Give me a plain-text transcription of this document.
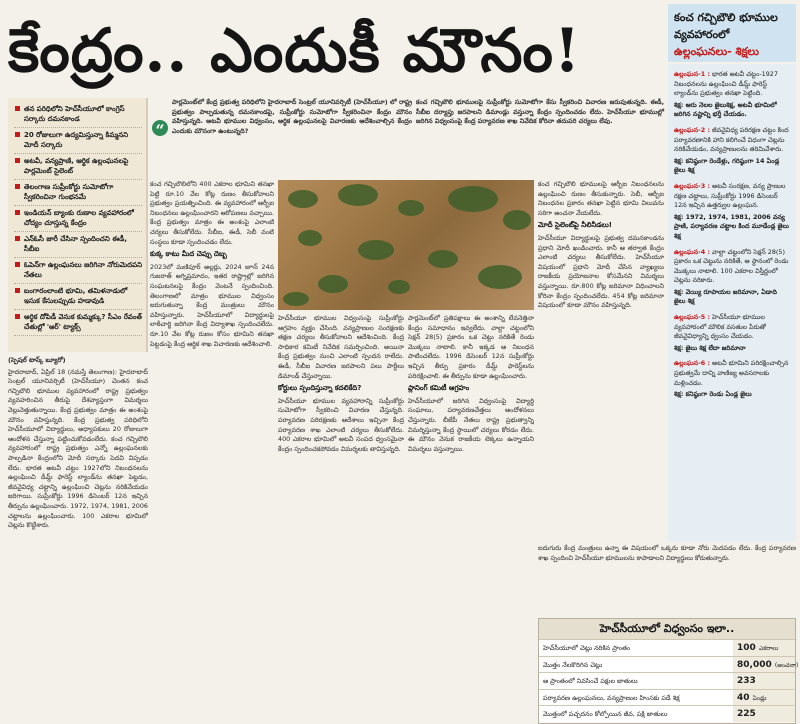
కేంద్రం.. ఎందుకీ మౌనం!	కంచ గచ్చిబౌలి భూముల
వ్యవహారంలో
ఉల్లంఘనలు- శిక్షలు
ఉల్లంఘన-1 : భారత అటవీ చట్టం-1927 నిబంధనలను ఉల్లంఘించి డీమ్డ్ ఫారెస్ట్ ల్యాండ్‌ను ప్రభుత్వం తనఖా పెట్టింది.
శిక్ష: ఆరు నెలల జైలుశిక్ష, అటవీ భూమిలో జరిగిన నష్టాన్ని భర్తీ చేయడం.
ఉల్లంఘన-2 : జీవవైవిధ్య పరిరక్షణ చట్టం కింద పర్యావరణానికి హాని కలిగించే విధంగా చెట్లను నరికివేయడం, వన్యప్రాణులను తరిమివేశారు.
శిక్ష: కనిష్ఠంగా రెండేళ్లు, గరిష్ఠంగా 14 ఏండ్ల జైలు శిక్ష
ఉల్లంఘన-3 : అటవీ సంరక్షణ, వన్య ప్రాణుల రక్షణ చట్టాలు, సుప్రీంకోర్టు 1996 డిసెంబర్ 12న ఇచ్చిన ఉత్తర్వుల ఉల్లంఘన.
శిక్ష: 1972, 1974, 1981, 2006 వన్య ప్రాణి, పర్యావరణ చట్టాల కింద మూడేండ్ల జైలు శిక్ష
ఉల్లంఘన-4 : వాల్టా చట్టంలోని సెక్షన్ 28(5) ప్రకారం ఒక చెట్టును నరికితే, ఆ స్థానంలో రెండు మొక్కలు నాటాలి. 100 ఎకరాల విస్తీర్ణంలో చెట్లను నరికారు.
శిక్ష: వెయ్యి రూపాయల జరిమానా, ఏడాది జైలు శిక్ష
ఉల్లంఘన-5 : హెచ్‌సీయూ భూముల వ్యవహారంలో మౌలిక వసతుల పేరుతో జీవవైవిధ్యాన్ని ధ్వంసం చేయడం.
శిక్ష: జైలు శిక్ష లేదా జరిమానా
ఉల్లంఘన-6 : అటవీ భూమిని పరిరక్షించాల్సిన ప్రభుత్వమే దాన్ని వాణిజ్య అవసరాలకు మళ్లించడం.
శిక్ష: కనిష్ఠంగా రెండు ఏండ్ల జైలు
తన పరిధిలోని హెచ్‌సీయూలో కాంగ్రెస్ సర్కారు దమనకాండ
20 రోజులుగా ఉద్యమిస్తున్నా కిమ్మనని మోదీ సర్కారు
అటవీ, వన్యప్రాణి, ఆర్థిక ఉల్లంఘనలపై పార్లమెంట్ సైలెంట్
తెలంగాణ సుప్రీంకోర్టు సుమోటోగా స్వీకరించినా గుంభనమే
ఇండియన్ బ్యాంకు రుణాల వ్యవహారంలో చోద్యం చూస్తున్న కేంద్రం
ఎన్‌ఓసీ జారీ చేసినా స్పందించని ఈడీ, సీబీఐ
ఓపెన్‌గా ఉల్లంఘనలు జరిగినా నోరుమెదపని నేతలు
బంగారంలాంటి భూమి, తమిళనాడులో ఇసుక కేసులప్పుడు హడావుడి
ఆర్థిక దోపిడీ వెనుక కుమ్మక్కు? సీఎం రేవంత్ చేతుల్లో 'ఆర్‌' ట్యాక్స్
(స్పెషల్ టాస్క్ బ్యూరో)
హైదరాబాద్, ఏప్రిల్ 18 (నమస్తే తెలంగాణ): హైదరాబాద్ సెంట్రల్ యూనివర్సిటీ (హెచ్‌సీయూ) చెంతన కంచ గచ్చిబౌలి భూముల వ్యవహారంలో రాష్ట్ర ప్రభుత్వం వ్యవహరించిన తీరుపై దేశవ్యాప్తంగా విమర్శలు వెల్లువెత్తుతున్నాయి. కేంద్ర ప్రభుత్వం మాత్రం ఈ అంశంపై మౌనం వహిస్తున్నది. కేంద్ర ప్రభుత్వ పరిధిలోని హెచ్‌సీయూలో విద్యార్థులు, అధ్యాపకులు 20 రోజులుగా ఆందోళన చేస్తున్నా పట్టించుకోవడంలేదు. కంచ గచ్చిబౌలి వ్యవహారంలో రాష్ట్ర ప్రభుత్వం ఎన్నో ఉల్లంఘనలకు పాల్పడినా కేంద్రంలోని మోదీ సర్కారు పెదవి విప్పడం లేదు. భారత అటవీ చట్టం 1927లోని నిబంధనలను ఉల్లంఘించి డీమ్డ్ ఫారెస్ట్ ల్యాండ్‌ను తనఖా పెట్టడం, జీవవైవిధ్య చట్టాన్ని ఉల్లంఘించి చెట్లను నరికివేయడం జరిగాయి. సుప్రీంకోర్టు 1996 డిసెంబర్ 12న ఇచ్చిన తీర్పును ఉల్లంఘించారు. 1972, 1974, 1981, 2006 చట్టాలను ఉల్లంఘించారు. 100 ఎకరాల భూమిలో చెట్లను కొట్టేశారు.
“
పార్లమెంట్‌లో కేంద్ర ప్రభుత్వ పరిధిలోని హైదరాబాద్ సెంట్రల్ యూనివర్సిటీ (హెచ్‌సీయూ) లో రాష్ట్ర ప్రభుత్వం పాల్పడుతున్న దమనకాండపై, సుప్రీంకోర్టు సుమోటోగా స్వీకరించినా కేంద్రం మౌనం వహిస్తున్నది. అటవీ భూముల విధ్వంసం, ఆర్థిక ఉల్లంఘనలపై విచారణకు ఆదేశించాల్సిన కేంద్రం ఎందుకు మౌనంగా ఉంటున్నది?
కంచ గచ్చిబౌలి భూములపై సుప్రీంకోర్టు సుమోటోగా కేసు స్వీకరించి విచారణ జరుపుతున్నది. ఈడీ, సీబీఐ దర్యాప్తు జరపాలని డిమాండ్లు వస్తున్నా కేంద్రం స్పందించడం లేదు. హెచ్‌సీయూ భూముల్లో జరిగిన విధ్వంసంపై కేంద్ర పర్యావరణ శాఖ నివేదిక కోరినా తదుపరి చర్యలు లేవు.
కంచ గచ్చిబౌలిలోని 400 ఎకరాల భూమిని తనఖా పెట్టి రూ.10 వేల కోట్ల రుణం తీసుకోవాలని ప్రభుత్వం ప్రయత్నించింది. ఈ వ్యవహారంలో ఆర్బీఐ నిబంధనలు ఉల్లంఘించారని ఆరోపణలు వచ్చాయి. కేంద్ర ప్రభుత్వం మాత్రం ఈ అంశంపై ఎలాంటి చర్యలు తీసుకోలేదు. సీబీఐ, ఈడీ, సెబీ వంటి సంస్థలు కూడా స్పందించడం లేదు.
కుక్క కాటు మీద చెప్పు దెబ్బ
2023లో మణిపూర్ అల్లర్లు, 2024 జూన్ 24న గుజరాత్ అగ్నిప్రమాదం, ఇతర రాష్ట్రాల్లో జరిగిన సంఘటనలపై కేంద్రం వెంటనే స్పందించింది. తెలంగాణలో మాత్రం భూముల విధ్వంసం జరుగుతున్నా కేంద్ర మంత్రులు మౌనం వహిస్తున్నారు. హెచ్‌సీయూలో విద్యార్థులపై లాఠీచార్జి జరిగినా కేంద్ర విద్యాశాఖ స్పందించలేదు. రూ.10 వేల కోట్ల రుణం కోసం భూమిని తనఖా పెట్టడంపై కేంద్ర ఆర్థిక శాఖ విచారణకు ఆదేశించాలి.
హెచ్‌సీయూ భూముల విధ్వంసంపై సుప్రీంకోర్టు ఆగ్రహం వ్యక్తం చేసింది. వన్యప్రాణుల సంరక్షణకు తక్షణ చర్యలు తీసుకోవాలని ఆదేశించింది. కేంద్ర సాధికార కమిటీ నివేదిక సమర్పించింది. అయినా కేంద్ర ప్రభుత్వం నుంచి ఎలాంటి స్పందన రాలేదు. ఈడీ, సీబీఐ విచారణ జరపాలని పలు పార్టీలు డిమాండ్ చేస్తున్నాయి.
కోర్టులు స్పందిస్తున్నా కదలికేది?
హెచ్‌సీయూ భూముల వ్యవహారాన్ని సుప్రీంకోర్టు సుమోటోగా స్వీకరించి విచారణ చేస్తున్నది. పర్యావరణ పరిరక్షణకు ఆదేశాలు ఇచ్చినా కేంద్ర పర్యావరణ శాఖ ఎలాంటి చర్యలు తీసుకోలేదు. 400 ఎకరాల భూమిలో అటవీ సంపద ధ్వంసమైనా కేంద్రం స్పందించకపోవడం విమర్శలకు తావిస్తున్నది.
పార్లమెంట్‌లో ప్రతిపక్షాలు ఈ అంశాన్ని లేవనెత్తినా కేంద్రం సమాధానం ఇవ్వలేదు. వాల్టా చట్టంలోని సెక్షన్ 28(5) ప్రకారం ఒక చెట్టు నరికితే రెండు మొక్కలు నాటాలి. కానీ ఇక్కడ ఆ నిబంధన పాటించలేదు. 1996 డిసెంబర్ 12న సుప్రీంకోర్టు ఇచ్చిన తీర్పు ప్రకారం డీమ్డ్ ఫారెస్ట్‌లను పరిరక్షించాలి. ఈ తీర్పును కూడా ఉల్లంఘించారు.
ప్లానింగ్ కమిటీ ఆగ్రహం
హెచ్‌సీయూలో జరిగిన విధ్వంసంపై విద్యార్థి సంఘాలు, పర్యావరణవేత్తలు ఆందోళనలు చేస్తున్నారు. బీజేపీ నేతలు రాష్ట్ర ప్రభుత్వాన్ని విమర్శిస్తున్నా కేంద్ర స్థాయిలో చర్యలు కోరడం లేదు. ఈ మౌనం వెనుక రాజకీయ లెక్కలు ఉన్నాయని విమర్శలు వస్తున్నాయి.
కంచ గచ్చిబౌలి భూములపై ఆర్బీఐ నిబంధనలను ఉల్లంఘించి రుణం తీసుకున్నారు. సెబీ, ఆర్బీఐ నిబంధనల ప్రకారం తనఖా పెట్టిన భూమి విలువను సరిగా అంచనా వేయలేదు.
మోదీ సైలెంట్‌పై నీలినీడలు!
హెచ్‌సీయూ విద్యార్థులపై ప్రభుత్వ దమనకాండను ప్రధాని మోదీ ఖండించారు. కానీ ఆ తర్వాత కేంద్రం ఎలాంటి చర్యలు తీసుకోలేదు. హెచ్‌సీయూ విషయంలో ప్రధాని మోదీ చేసిన వ్యాఖ్యలు రాజకీయ ప్రయోజనాల కోసమేనని విమర్శలు వస్తున్నాయి. రూ.800 కోట్ల జరిమానా విధించాలని కోరినా కేంద్రం స్పందించలేదు. 454 కోట్ల జరిమానా విషయంలో కూడా మౌనం వహిస్తున్నది.
ఐదుగురు కేంద్ర మంత్రులు ఉన్నా ఈ విషయంలో ఒక్కరు కూడా నోరు మెదపడం లేదు. కేంద్ర పర్యావరణ శాఖ స్పందించి హెచ్‌సీయూ భూములను కాపాడాలని విద్యార్థులు కోరుతున్నారు.
హెచ్‌సీయూలో విధ్వంసం ఇలా..
హెచ్‌సీయూలో చెట్లు నరికిన ప్రాంతం	100 ఎకరాలు
మొత్తం నేలకొరిగిన చెట్లు	80,000 (అంచనా)
ఆ ప్రాంతంలో నివసించే పక్షుల జాతులు	233
పర్యావరణ ఉల్లంఘనలు, వన్యప్రాణుల హింసకు పడే శిక్ష	40 ఏండ్లు
మొత్తంలో పచ్చదనం కోల్పోయిన జీవ, పక్షి జాతులు	225
